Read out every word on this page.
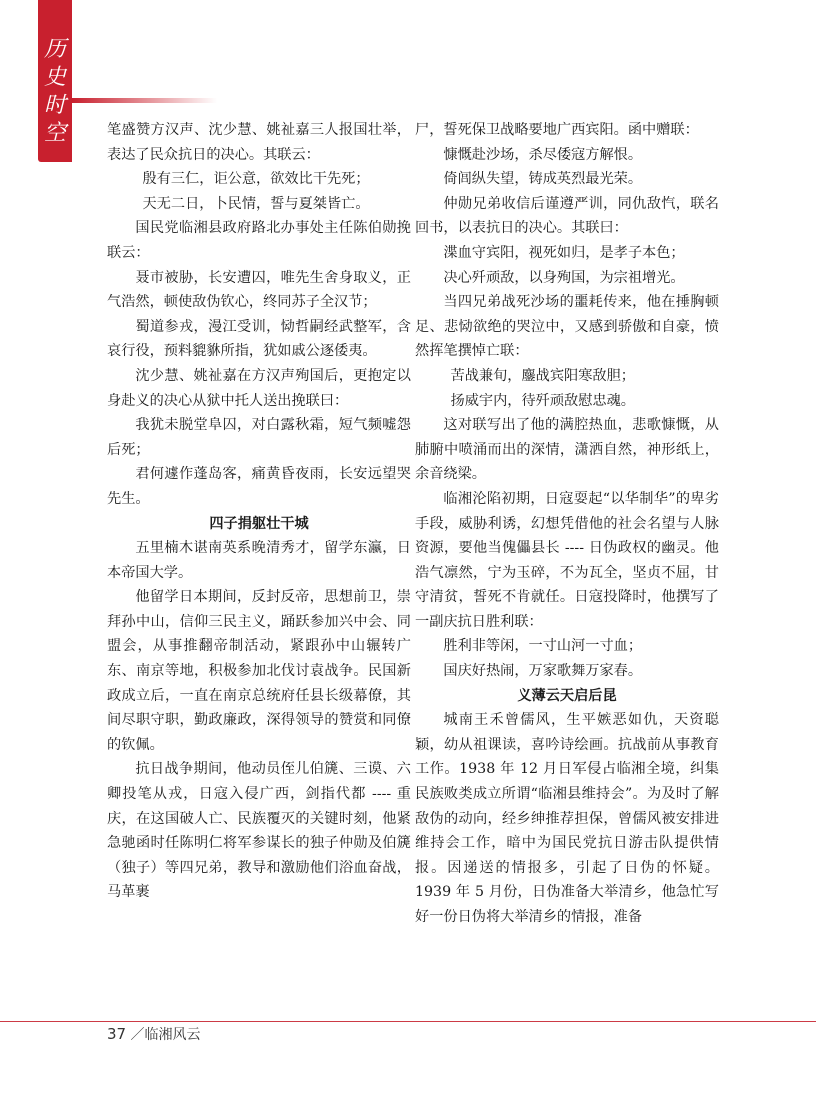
历
史
时
空	笔盛赞方汉声、沈少慧、姚祉嘉三人报国壮举，表达了民众抗日的决心。其联云：

殷有三仁，讵公意，欲效比干先死；

天无二日，卜民情，誓与夏桀皆亡。

国民党临湘县政府路北办事处主任陈伯勋挽联云：

聂市被胁，长安遭囚，唯先生舍身取义，正气浩然，顿使敌伪钦心，终同苏子全汉节；

蜀道参戎，漫江受训，恸哲嗣经武整军，含哀行役，预料貔貅所指，犹如戚公逐倭夷。

沈少慧、姚祉嘉在方汉声殉国后，更抱定以身赴义的决心从狱中托人送出挽联曰：

我犹未脱堂阜囚，对白露秋霜，短气频嘘怨后死；

君何遽作蓬岛客，痛黄昏夜雨，长安远望哭先生。

四子捐躯壮干城

五里楠木谌南英系晚清秀才，留学东瀛，日本帝国大学。

他留学日本期间，反封反帝，思想前卫，崇拜孙中山，信仰三民主义，踊跃参加兴中会、同盟会，从事推翻帝制活动，紧跟孙中山辗转广东、南京等地，积极参加北伐讨袁战争。民国新政成立后，一直在南京总统府任县长级幕僚，其间尽职守职，勤政廉政，深得领导的赞赏和同僚的钦佩。

抗日战争期间，他动员侄儿伯篪、三谟、六卿投笔从戎，日寇入侵广西，剑指代都 ---- 重庆，在这国破人亡、民族覆灭的关键时刻，他紧急驰函时任陈明仁将军参谋长的独子仲勋及伯篪（独子）等四兄弟，教导和激励他们浴血奋战，马革裹

尸，誓死保卫战略要地广西宾阳。函中赠联：

慷慨赴沙场，杀尽倭寇方解恨。

倚闾纵失望，铸成英烈最光荣。

仲勋兄弟收信后谨遵严训，同仇敌忾，联名回书，以表抗日的决心。其联曰：

渫血守宾阳，视死如归，是孝子本色；

决心歼顽敌，以身殉国，为宗祖增光。

当四兄弟战死沙场的噩耗传来，他在捶胸顿足、悲恸欲绝的哭泣中，又感到骄傲和自豪，愤然挥笔撰悼亡联：

苦战兼旬，鏖战宾阳寒敌胆；

扬威宇内，待歼顽敌慰忠魂。

这对联写出了他的满腔热血，悲歌慷慨，从肺腑中喷涌而出的深情，潇洒自然，神形纸上，余音绕梁。

临湘沦陷初期，日寇耍起“以华制华”的卑劣手段，威胁利诱，幻想凭借他的社会名望与人脉资源，要他当傀儡县长 ---- 日伪政权的幽灵。他浩气凛然，宁为玉碎，不为瓦全，坚贞不屈，甘守清贫，誓死不肯就任。日寇投降时，他撰写了一副庆抗日胜利联：

胜利非等闲，一寸山河一寸血；

国庆好热闹，万家歌舞万家春。

义薄云天启后昆

城南王禾曾儒风，生平嫉恶如仇，天资聪颖，幼从祖课读，喜吟诗绘画。抗战前从事教育工作。1938 年 12 月日军侵占临湘全境，纠集民族败类成立所谓“临湘县维持会”。为及时了解敌伪的动向，经乡绅推荐担保，曾儒风被安排进维持会工作，暗中为国民党抗日游击队提供情报。因递送的情报多，引起了日伪的怀疑。1939 年 5 月份，日伪准备大举清乡，他急忙写好一份日伪将大举清乡的情报，准备

37 ／临湘风云
